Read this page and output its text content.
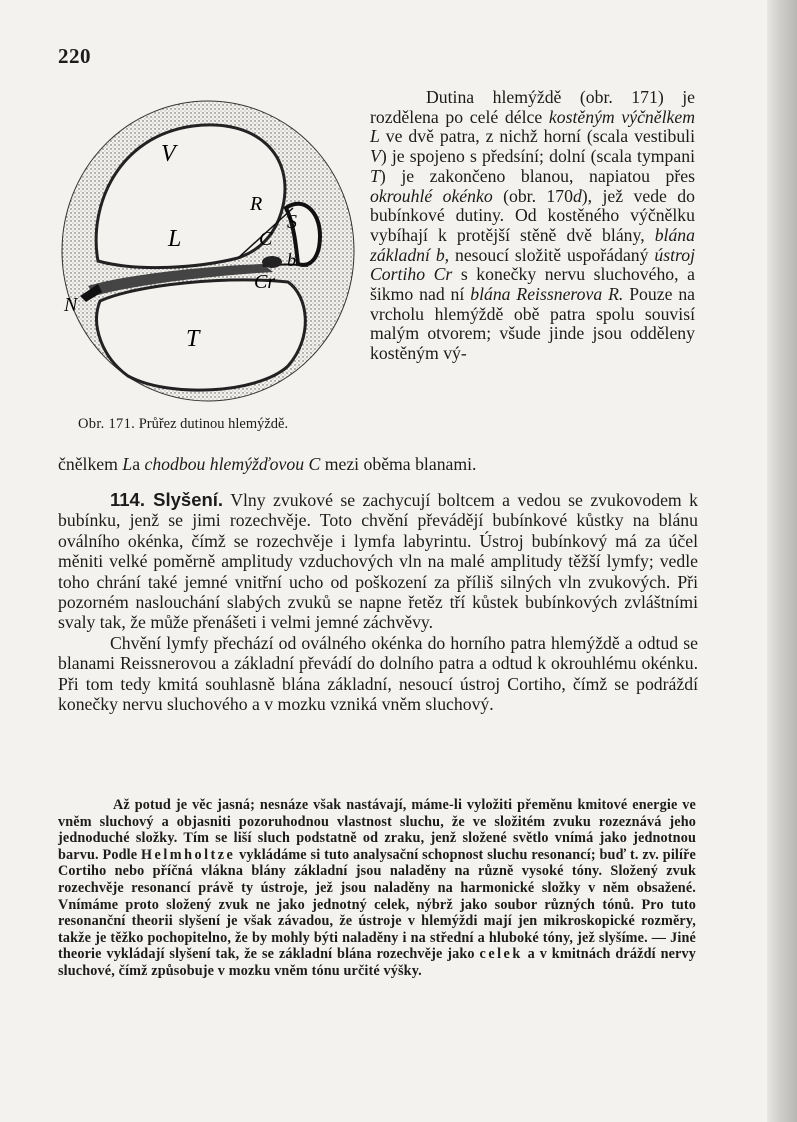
220
V
L
T
N
R
C
S
b
Cr
Obr. 171. Průřez dutinou hlemýždě.

Dutina hlemýždě (obr. 171) je rozdělena po celé délce kostěným výčnělkem L ve dvě patra, z nichž horní (scala vestibuli V) je spojeno s předsíní; dolní (scala tympani T) je zakončeno blanou, napiatou přes okrouhlé okénko (obr. 170d), jež vede do bubínkové dutiny. Od kostěného výčnělku vybíhají k protější stěně dvě blány, blána základní b, nesoucí složitě uspořádaný ústroj Cortiho Cr s konečky nervu sluchového, a šikmo nad ní blána Reissnerova R. Pouze na vrcholu hlemýždě obě patra spolu souvisí malým otvorem; všude jinde jsou odděleny kostěným vý-

čnělkem La chodbou hlemýžďovou C mezi oběma blanami.

114. Slyšení. Vlny zvukové se zachycují boltcem a vedou se zvukovodem k bubínku, jenž se jimi rozechvěje. Toto chvění převádějí bubínkové kůstky na blánu oválního okénka, čímž se rozechvěje i lymfa labyrintu. Ústroj bubínkový má za účel měniti velké poměrně amplitudy vzduchových vln na malé amplitudy těžší lymfy; vedle toho chrání také jemné vnitřní ucho od poškození za příliš silných vln zvukových. Při pozorném naslouchání slabých zvuků se napne řetěz tří kůstek bubínkových zvláštními svaly tak, že může přenášeti i velmi jemné záchvěvy.

Chvění lymfy přechází od oválného okénka do horního patra hlemýždě a odtud se blanami Reissnerovou a základní převádí do dolního patra a odtud k okrouhlému okénku. Při tom tedy kmitá souhlasně blána základní, nesoucí ústroj Cortiho, čímž se podráždí konečky nervu sluchového a v mozku vzniká vněm sluchový.

Až potud je věc jasná; nesnáze však nastávají, máme-li vyložiti přeměnu kmitové energie ve vněm sluchový a objasniti pozoruhodnou vlastnost sluchu, že ve složitém zvuku rozeznává jeho jednoduché složky. Tím se liší sluch podstatně od zraku, jenž složené světlo vnímá jako jednotnou barvu. Podle Helmholtze vykládáme si tuto analysační schopnost sluchu resonancí; buď t. zv. pilíře Cortiho nebo příčná vlákna blány základní jsou naladěny na různě vysoké tóny. Složený zvuk rozechvěje resonancí právě ty ústroje, jež jsou naladěny na harmonické složky v něm obsažené. Vnímáme proto složený zvuk ne jako jednotný celek, nýbrž jako soubor různých tónů. Pro tuto resonanční theorii slyšení je však závadou, že ústroje v hlemýždi mají jen mikroskopické rozměry, takže je těžko pochopitelno, že by mohly býti naladěny i na střední a hluboké tóny, jež slyšíme. — Jiné theorie vykládají slyšení tak, že se základní blána rozechvěje jako celek a v kmitnách dráždí nervy sluchové, čímž způsobuje v mozku vněm tónu určité výšky.
